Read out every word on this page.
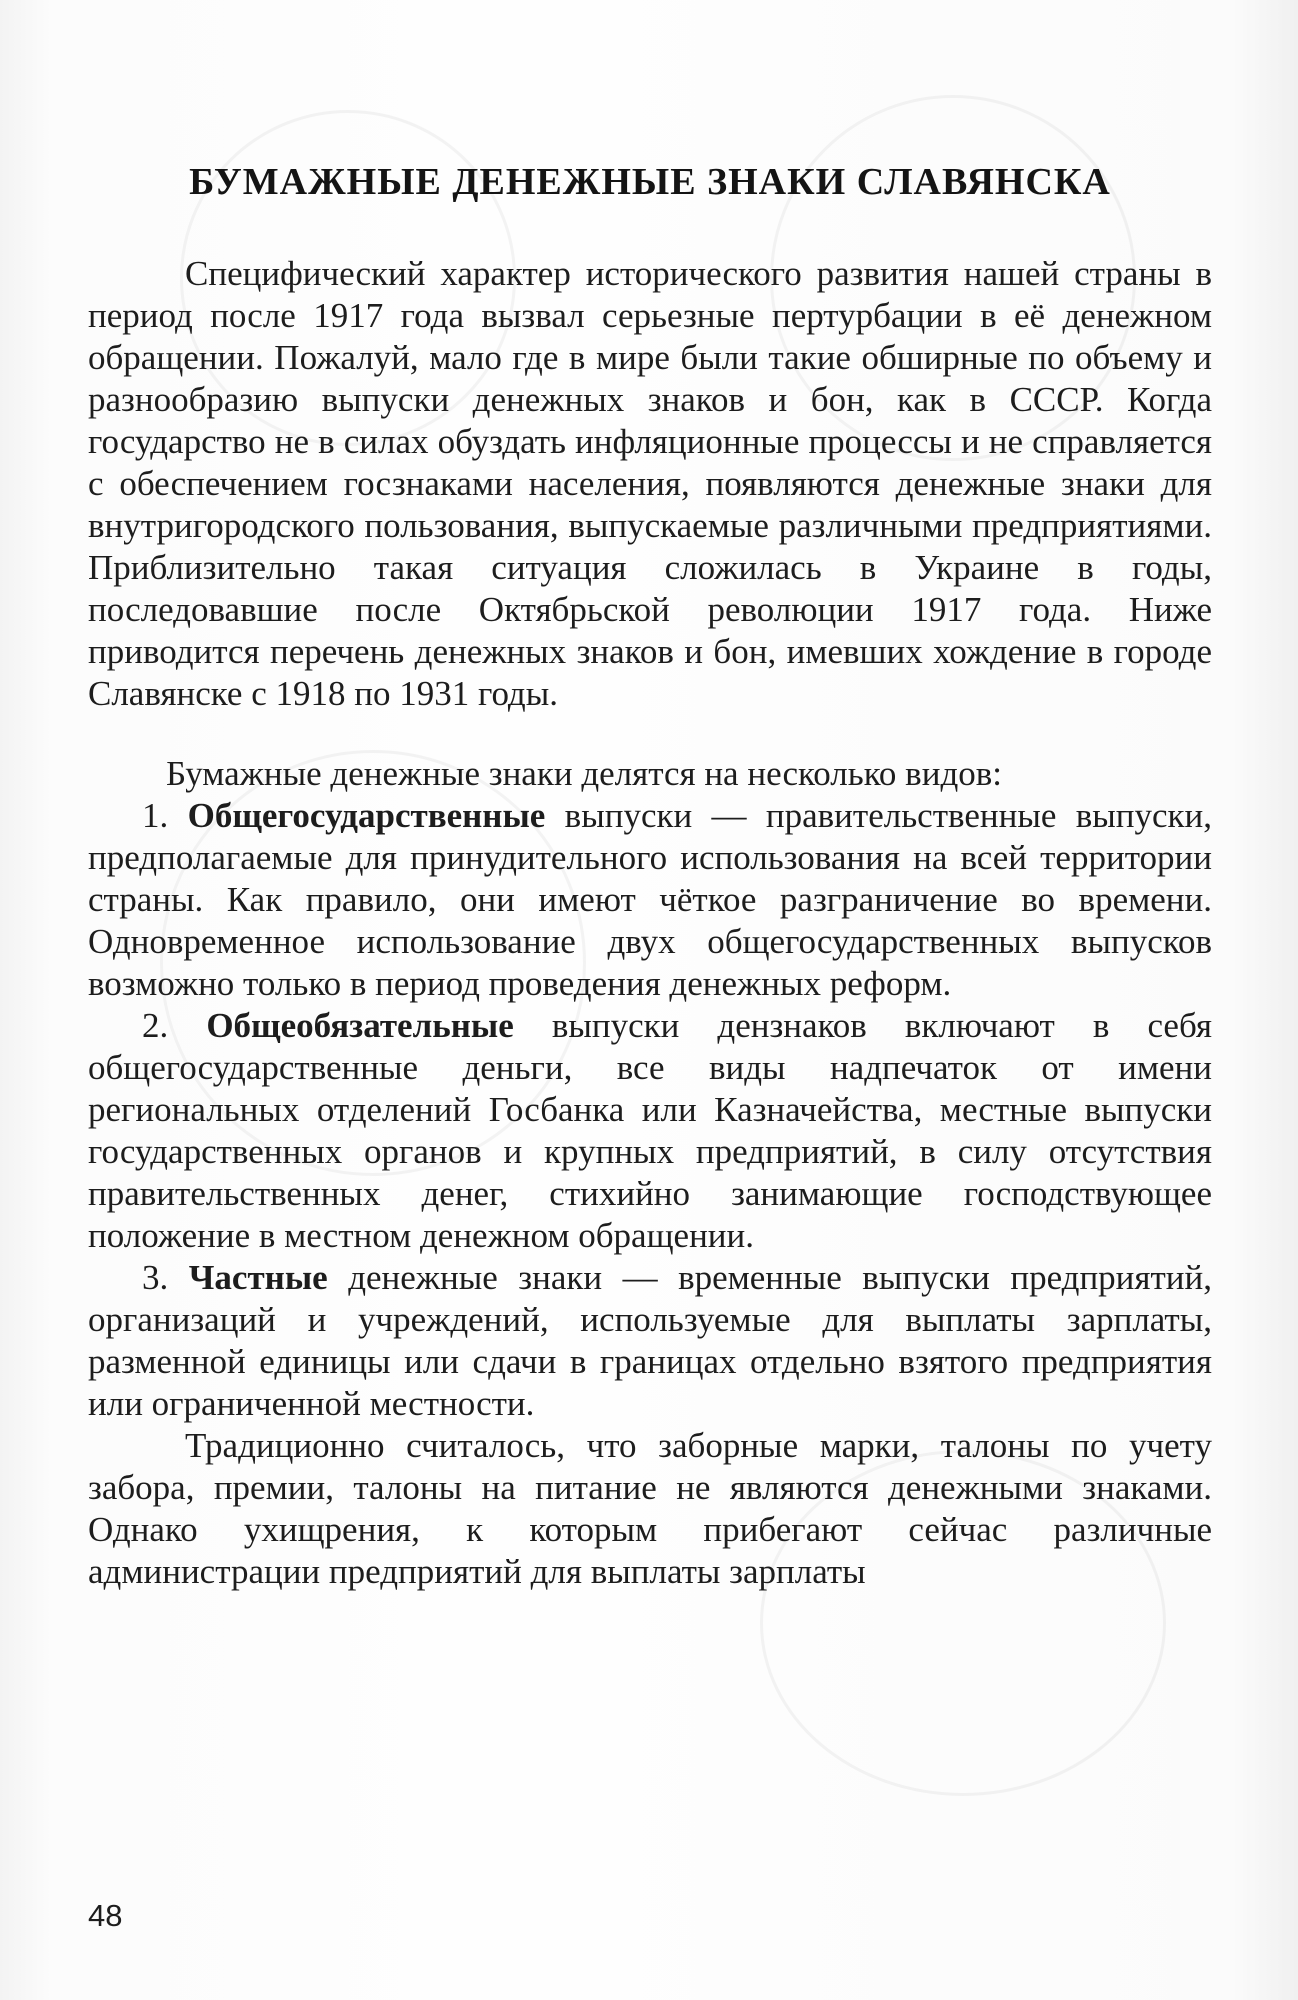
БУМАЖНЫЕ ДЕНЕЖНЫЕ ЗНАКИ СЛАВЯНСКА

Специфический характер исторического развития нашей страны в период после 1917 года вызвал серьезные пертурбации в её денежном обращении. Пожалуй, мало где в мире были такие обширные по объему и разнообразию выпуски денежных знаков и бон, как в СССР. Когда государство не в силах обуздать инфляционные процессы и не справляется с обеспечением госзнаками населения, появляются денежные знаки для внутригородского пользования, выпускаемые различными предприятиями. Приблизительно такая ситуация сложилась в Украине в годы, последовавшие после Октябрьской революции 1917 года. Ниже приводится перечень денежных знаков и бон, имевших хождение в городе Славянске с 1918 по 1931 годы.

Бумажные денежные знаки делятся на несколько видов:

1. Общегосударственные выпуски — правительственные выпуски, предполагаемые для принудительного использования на всей территории страны. Как правило, они имеют чёткое разграничение во времени. Одновременное использование двух общегосударственных выпусков возможно только в период проведения денежных реформ.

2. Общеобязательные выпуски дензнаков включают в себя общегосударственные деньги, все виды надпечаток от имени региональных отделений Госбанка или Казначейства, местные выпуски государственных органов и крупных предприятий, в силу отсутствия правительственных денег, стихийно занимающие господствующее положение в местном денежном обращении.

3. Частные денежные знаки — временные выпуски предприятий, организаций и учреждений, используемые для выплаты зарплаты, разменной единицы или сдачи в границах отдельно взятого предприятия или ограниченной местности.

Традиционно считалось, что заборные марки, талоны по учету забора, премии, талоны на питание не являются денежными знаками. Однако ухищрения, к которым прибегают сейчас различные администрации предприятий для выплаты зарплаты

48
